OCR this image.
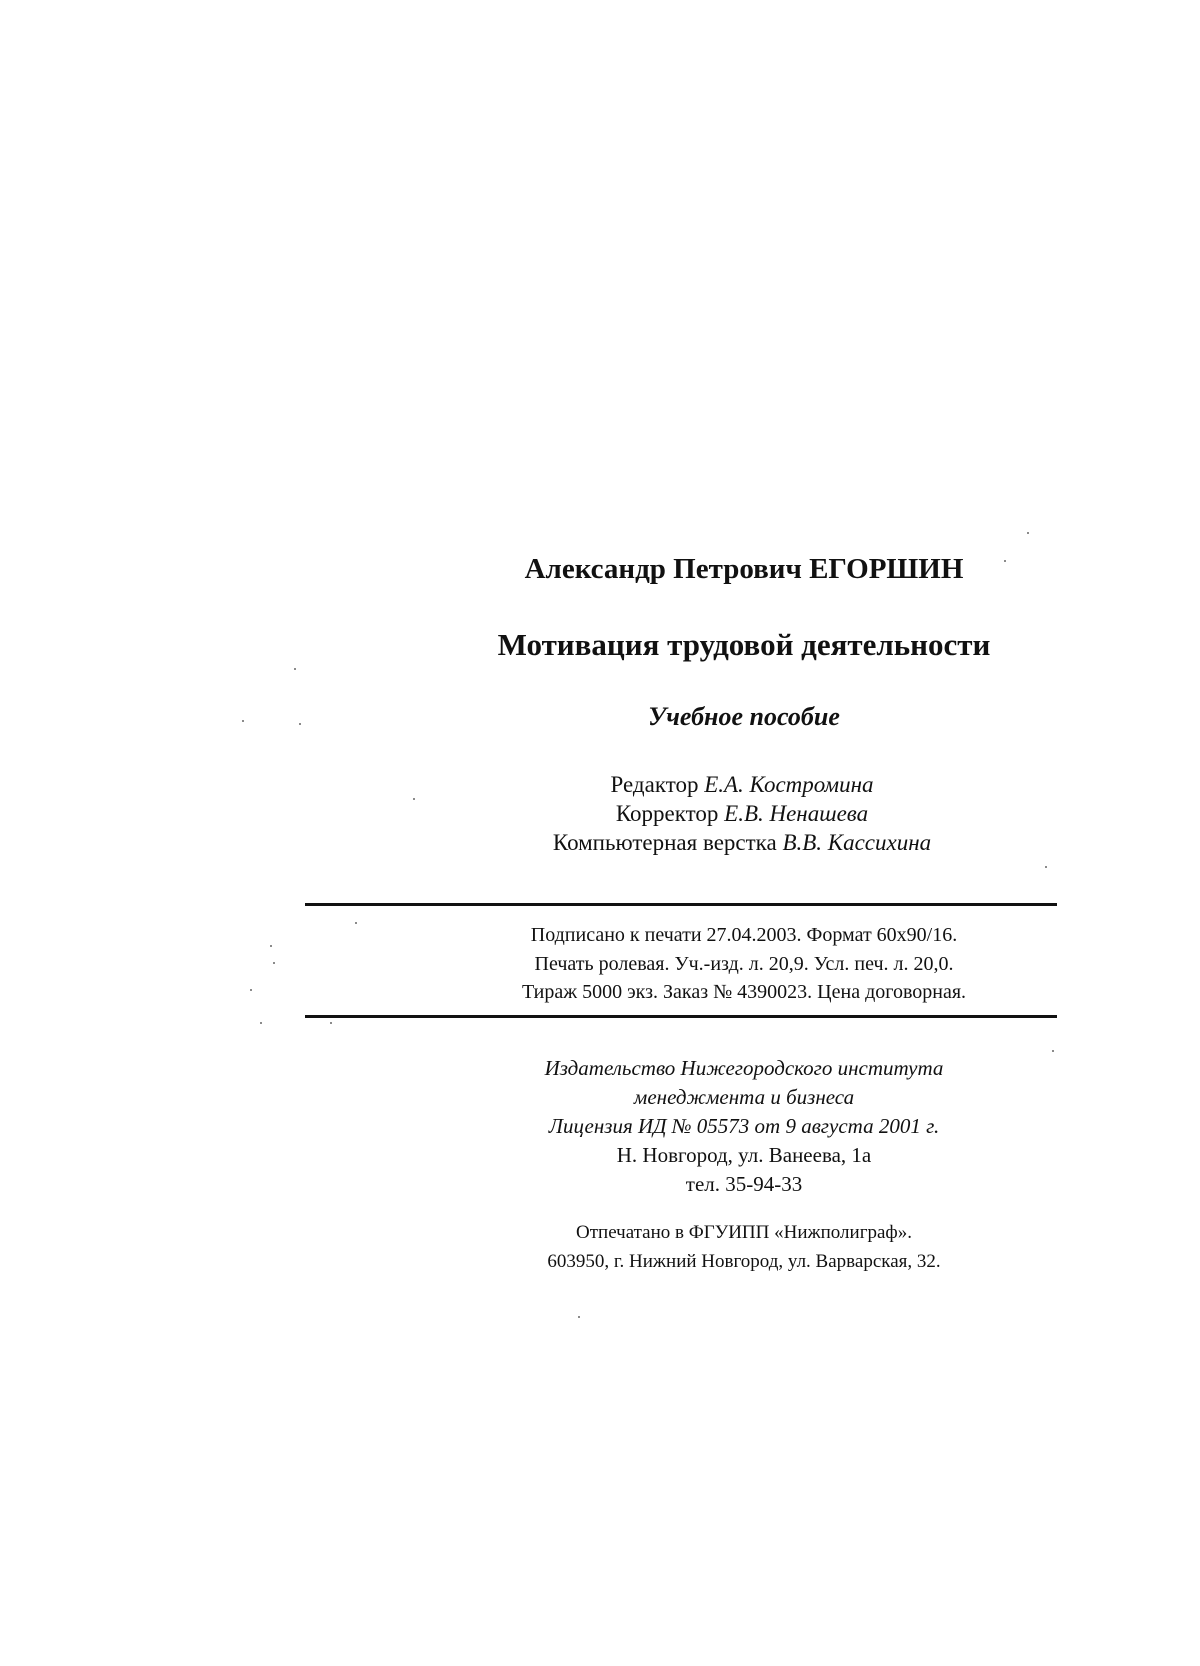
Александр Петрович ЕГОРШИН
Мотивация трудовой деятельности
Учебное пособие
Редактор Е.А. Костромина
Корректор Е.В. Ненашева
Компьютерная верстка В.В. Кассихина
Подписано к печати 27.04.2003. Формат 60х90/16.
Печать ролевая. Уч.-изд. л. 20,9. Усл. печ. л. 20,0.
Тираж 5000 экз. Заказ № 4390023. Цена договорная.
Издательство Нижегородского института
менеджмента и бизнеса
Лицензия ИД № 05573 от 9 августа 2001 г.
Н. Новгород, ул. Ванеева, 1а
тел. 35-94-33
Отпечатано в ФГУИПП «Нижполиграф».
603950, г. Нижний Новгород, ул. Варварская, 32.
